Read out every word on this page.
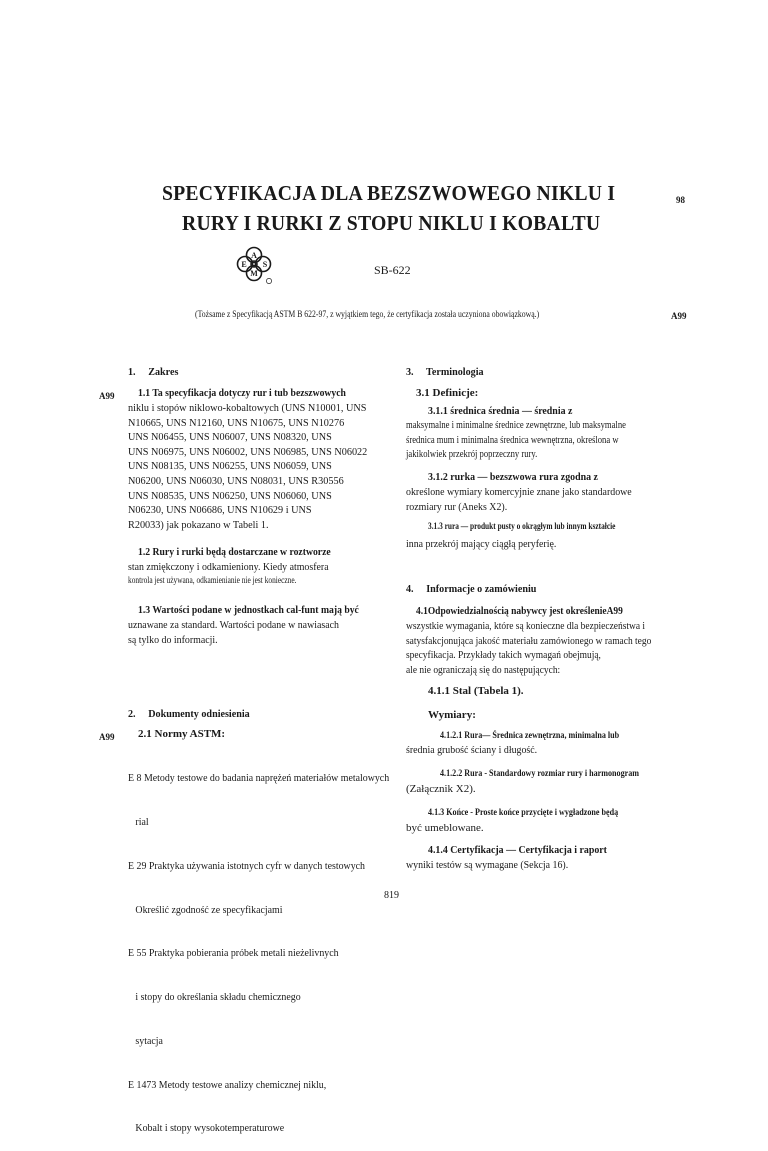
SPECYFIKACJA DLA BEZSZWOWEGO NIKLU I
RURY I RURKI Z STOPU NIKLU I KOBALTU
98
A
S
M
E	SB-622
(Tożsame z Specyfikacją ASTM B 622-97, z wyjątkiem tego, że certyfikacja została uczyniona obowiązkową.)	A99
1.     Zakres
A99 1.1 Ta specyfikacja dotyczy rur i tub bezszwowych
niklu i stopów niklowo-kobaltowych (UNS N10001, UNS
N10665, UNS N12160, UNS N10675, UNS N10276
UNS N06455, UNS N06007, UNS N08320, UNS
UNS N06975, UNS N06002, UNS N06985, UNS N06022
UNS N08135, UNS N06255, UNS N06059, UNS
N06200, UNS N06030, UNS N08031, UNS R30556
UNS N08535, UNS N06250, UNS N06060, UNS
N06230, UNS N06686, UNS N10629 i UNS
R20033) jak pokazano w Tabeli 1.
1.2 Rury i rurki będą dostarczane w roztworze
stan zmiękczony i odkamieniony. Kiedy atmosfera
kontrola jest używana, odkamienianie nie jest konieczne.
1.3 Wartości podane w jednostkach cal-funt mają być
uznawane za standard. Wartości podane w nawiasach
są tylko do informacji.
2.     Dokumenty odniesienia
A99 2.1 Normy ASTM:

E 8 Metody testowe do badania naprężeń materiałów metalowych

rial

E 29 Praktyka używania istotnych cyfr w danych testowych

Określić zgodność ze specyfikacjami

E 55 Praktyka pobierania próbek metali nieżelivnych

i stopy do określania składu chemicznego

sytacja

E 1473 Metody testowe analizy chemicznej niklu,

Kobalt i stopy wysokotemperaturowe

3.     Terminologia
3.1 Definicje:
3.1.1 średnica średnia — średnia z
maksymalne i minimalne średnice zewnętrzne, lub maksymalne
średnica mum i minimalna średnica wewnętrzna, określona w
jakikolwiek przekrój poprzeczny rury.
3.1.2 rurka — bezszwowa rura zgodna z
określone wymiary komercyjnie znane jako standardowe
rozmiary rur (Aneks X2).
3.1.3 rura — produkt pusty o okrągłym lub innym kształcie
inna przekrój mający ciągłą peryferię.
4.     Informacje o zamówieniu
4.1Odpowiedzialnością nabywcy jest określenieA99
wszystkie wymagania, które są konieczne dla bezpieczeństwa i
satysfakcjonująca jakość materiału zamówionego w ramach tego
specyfikacja. Przykłady takich wymagań obejmują,
ale nie ograniczają się do następujących:
4.1.1 Stal (Tabela 1).
Wymiary:
4.1.2.1 Rura— Średnica zewnętrzna, minimalna lub
średnia grubość ściany i długość.
4.1.2.2 Rura - Standardowy rozmiar rury i harmonogram
(Załącznik X2).
4.1.3 Końce - Proste końce przycięte i wygładzone będą
być umeblowane.
4.1.4 Certyfikacja — Certyfikacja i raport
wyniki testów są wymagane (Sekcja 16).
819
